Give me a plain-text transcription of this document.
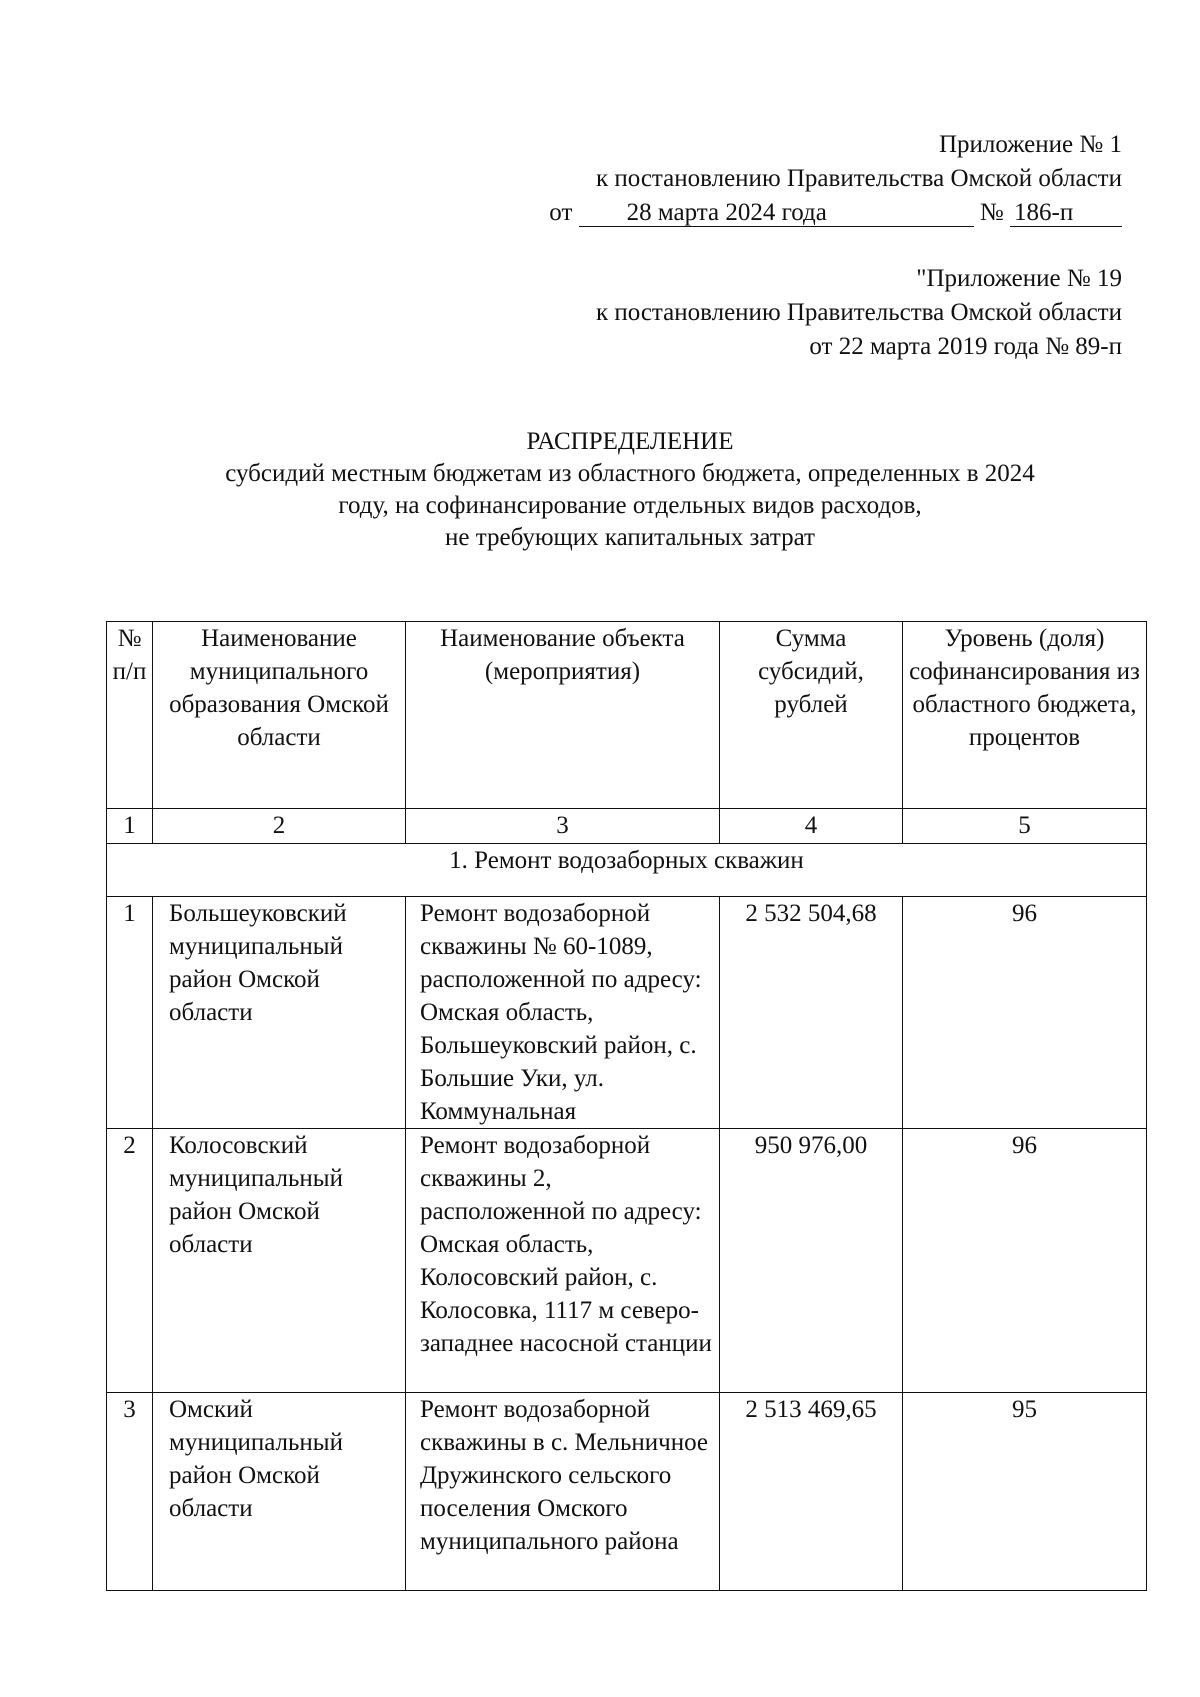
Приложение № 1
к постановлению Правительства Омской области
от 28 марта 2024 года	№ 186-п
"Приложение № 19
к постановлению Правительства Омской области
от 22 марта 2019 года № 89-п
РАСПРЕДЕЛЕНИЕ
субсидий местным бюджетам из областного бюджета, определенных в 2024
году, на софинансирование отдельных видов расходов,
не требующих капитальных затрат
№ п/п	Наименование муниципального образования Омской области	Наименование объекта (мероприятия)	Сумма субсидий, рублей	Уровень (доля) софинансирования из областного бюджета, процентов
1	2	3	4	5
1. Ремонт водозаборных скважин				
1	Большеуковский муниципальный район Омской области	Ремонт водозаборной скважины № 60-1089, расположенной по адресу: Омская область, Большеуковский район, с. Большие Уки, ул. Коммунальная	2 532 504,68	96
2	Колосовский муниципальный район Омской области	Ремонт водозаборной скважины 2, расположенной по адресу: Омская область, Колосовский район, с. Колосовка, 1117 м северо-западнее насосной станции	950 976,00	96
3	Омский муниципальный район Омской области	Ремонт водозаборной скважины в с. Мельничное Дружинского сельского поселения Омского муниципального района	2 513 469,65	95
